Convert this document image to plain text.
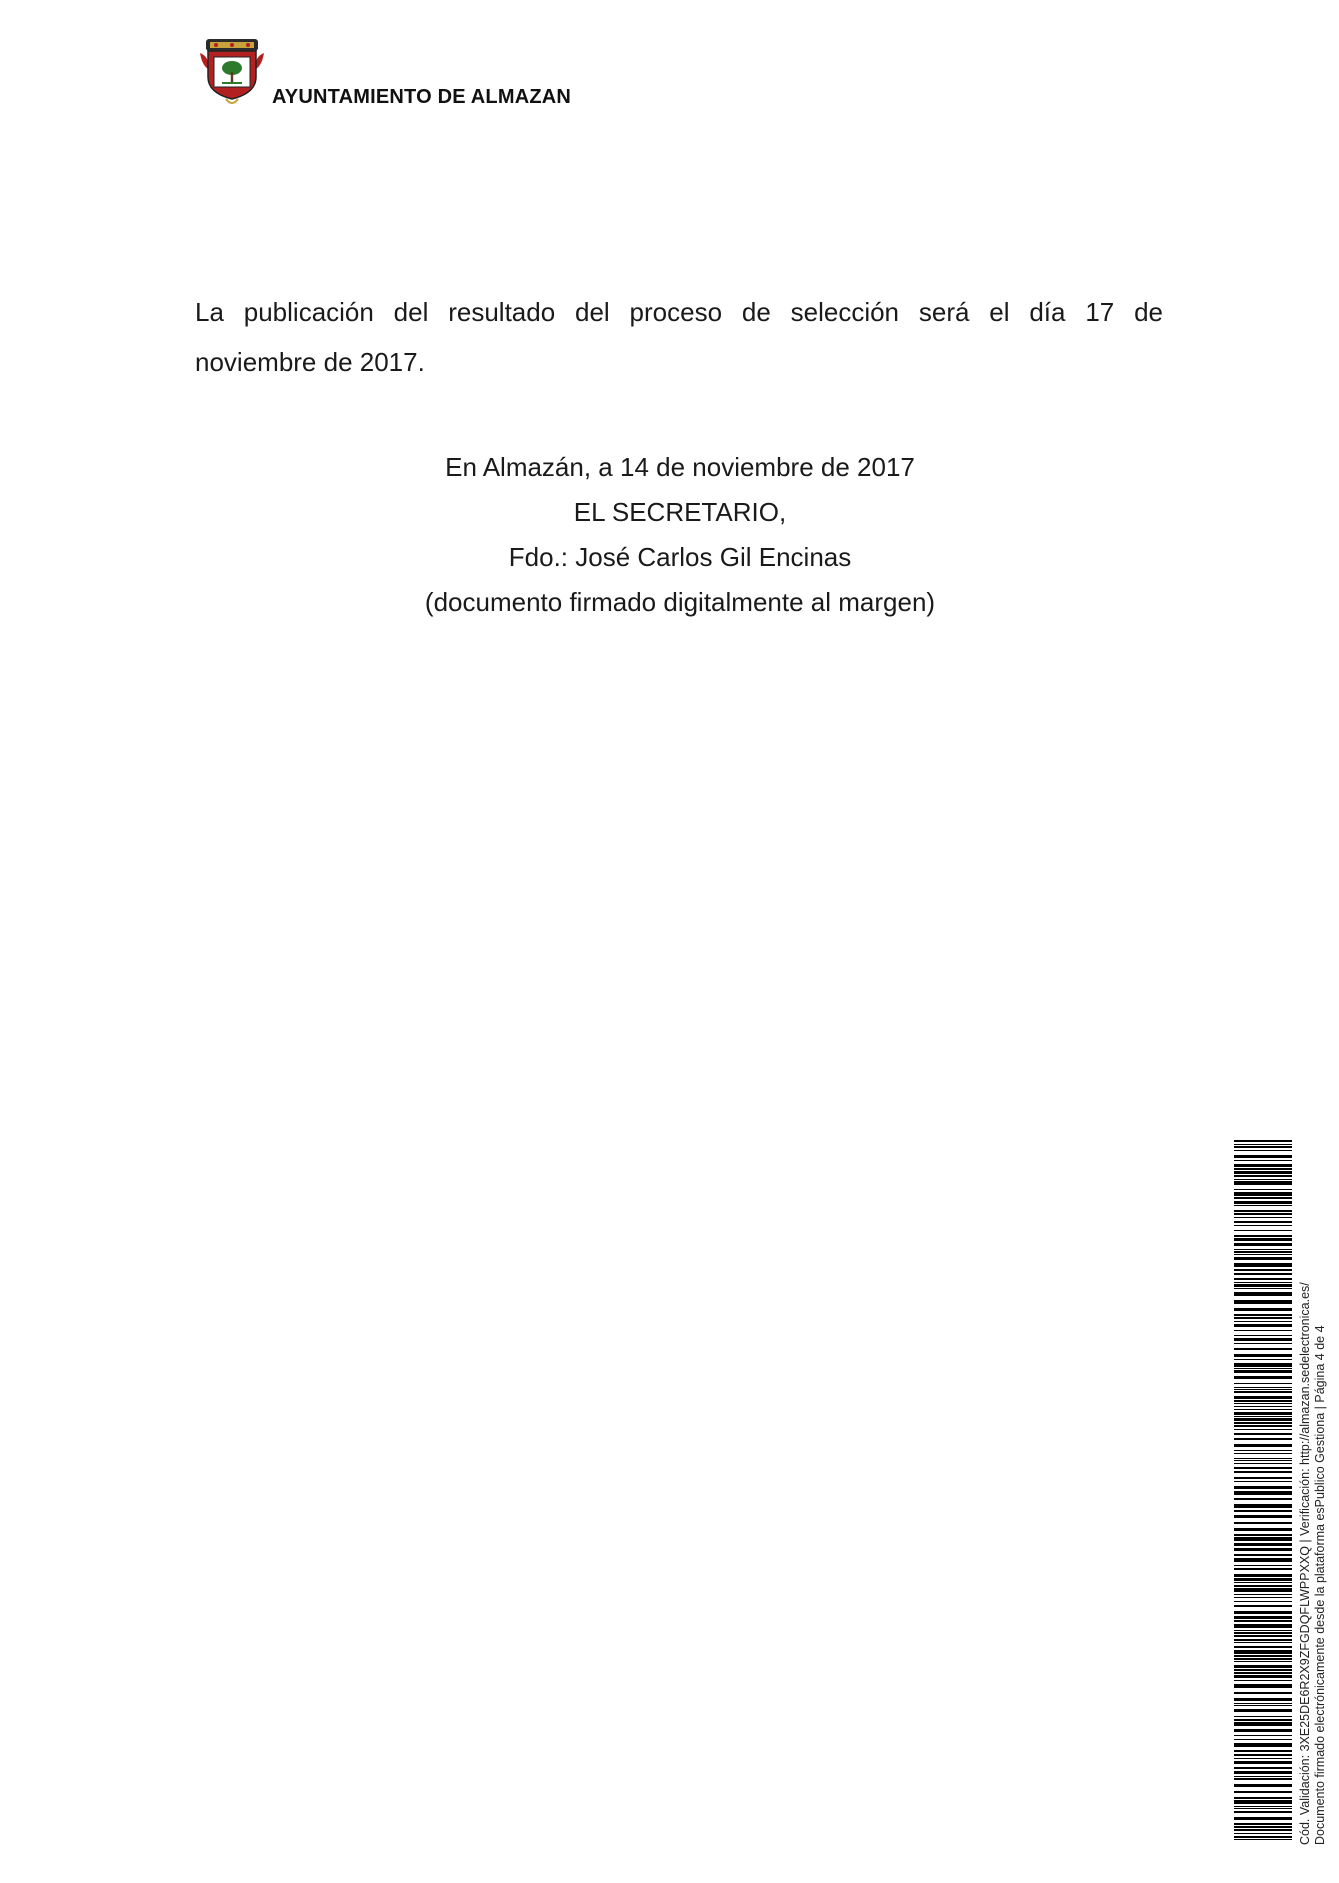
AYUNTAMIENTO DE ALMAZAN
La publicación del resultado del proceso de selección será el día 17 de
noviembre de 2017.
En Almazán, a 14 de noviembre de 2017
EL SECRETARIO,
Fdo.: José Carlos Gil Encinas
(documento firmado digitalmente al margen)
Cód. Validación: 3XE25DE6R2X9ZFGDQFLWPPXXQ | Verificación: http://almazan.sedelectronica.es/ Documento firmado electrónicamente desde la plataforma esPublico Gestiona | Página 4 de 4
